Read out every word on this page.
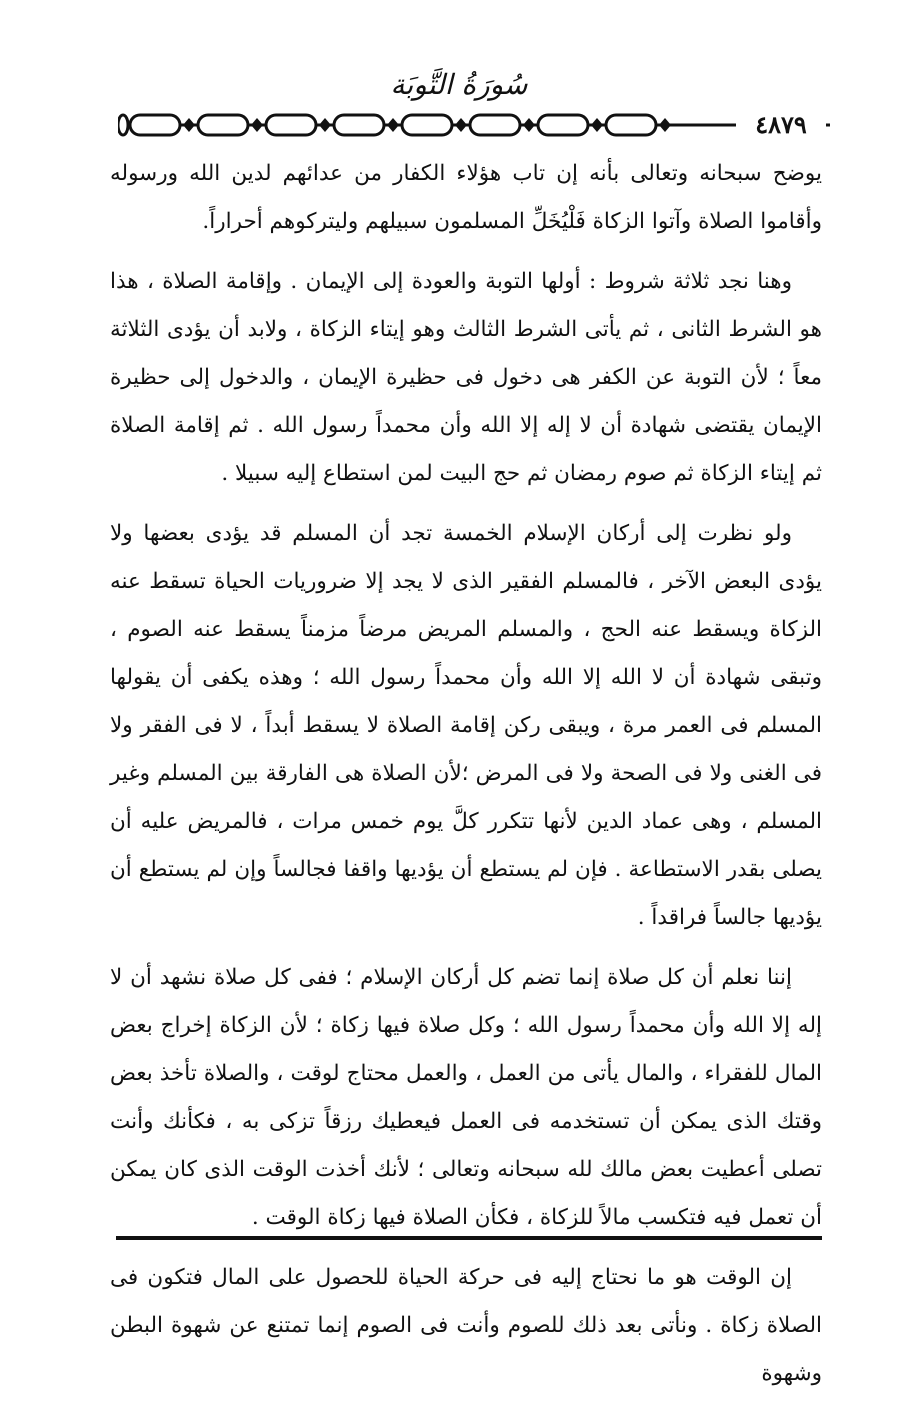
سُورَةُ التَّوبَة
٤٨٧٩

يوضح سبحانه وتعالى بأنه إن تاب هؤلاء الكفار من عدائهم لدين الله ورسوله وأقاموا الصلاة وآتوا الزكاة فَلْيُخَلِّ المسلمون سبيلهم وليتركوهم أحراراً.

وهنا نجد ثلاثة شروط : أولها التوبة والعودة إلى الإيمان . وإقامة الصلاة ، هذا هو الشرط الثانى ، ثم يأتى الشرط الثالث وهو إيتاء الزكاة ، ولابد أن يؤدى الثلاثة معاً ؛ لأن التوبة عن الكفر هى دخول فى حظيرة الإيمان ، والدخول إلى حظيرة الإيمان يقتضى شهادة أن لا إله إلا الله وأن محمداً رسول الله . ثم إقامة الصلاة ثم إيتاء الزكاة ثم صوم رمضان ثم حج البيت لمن استطاع إليه سبيلا .

ولو نظرت إلى أركان الإسلام الخمسة تجد أن المسلم قد يؤدى بعضها ولا يؤدى البعض الآخر ، فالمسلم الفقير الذى لا يجد إلا ضروريات الحياة تسقط عنه الزكاة ويسقط عنه الحج ، والمسلم المريض مرضاً مزمناً يسقط عنه الصوم ، وتبقى شهادة أن لا الله إلا الله وأن محمداً رسول الله ؛ وهذه يكفى أن يقولها المسلم فى العمر مرة ، ويبقى ركن إقامة الصلاة لا يسقط أبداً ، لا فى الفقر ولا فى الغنى ولا فى الصحة ولا فى المرض ؛لأن الصلاة هى الفارقة بين المسلم وغير المسلم ، وهى عماد الدين لأنها تتكرر كلَّ يوم خمس مرات ، فالمريض عليه أن يصلى بقدر الاستطاعة . فإن لم يستطع أن يؤديها واقفا فجالساً وإن لم يستطع أن يؤديها جالساً فراقداً .

إننا نعلم أن كل صلاة إنما تضم كل أركان الإسلام ؛ ففى كل صلاة نشهد أن لا إله إلا الله وأن محمداً رسول الله ؛ وكل صلاة فيها زكاة ؛ لأن الزكاة إخراج بعض المال للفقراء ، والمال يأتى من العمل ، والعمل محتاج لوقت ، والصلاة تأخذ بعض وقتك الذى يمكن أن تستخدمه فى العمل فيعطيك رزقاً تزكى به ، فكأنك وأنت تصلى أعطيت بعض مالك لله سبحانه وتعالى ؛ لأنك أخذت الوقت الذى كان يمكن أن تعمل فيه فتكسب مالاً للزكاة ، فكأن الصلاة فيها زكاة الوقت .

إن الوقت هو ما نحتاج إليه فى حركة الحياة للحصول على المال فتكون فى الصلاة زكاة . ونأتى بعد ذلك للصوم وأنت فى الصوم إنما تمتنع عن شهوة البطن وشهوة
